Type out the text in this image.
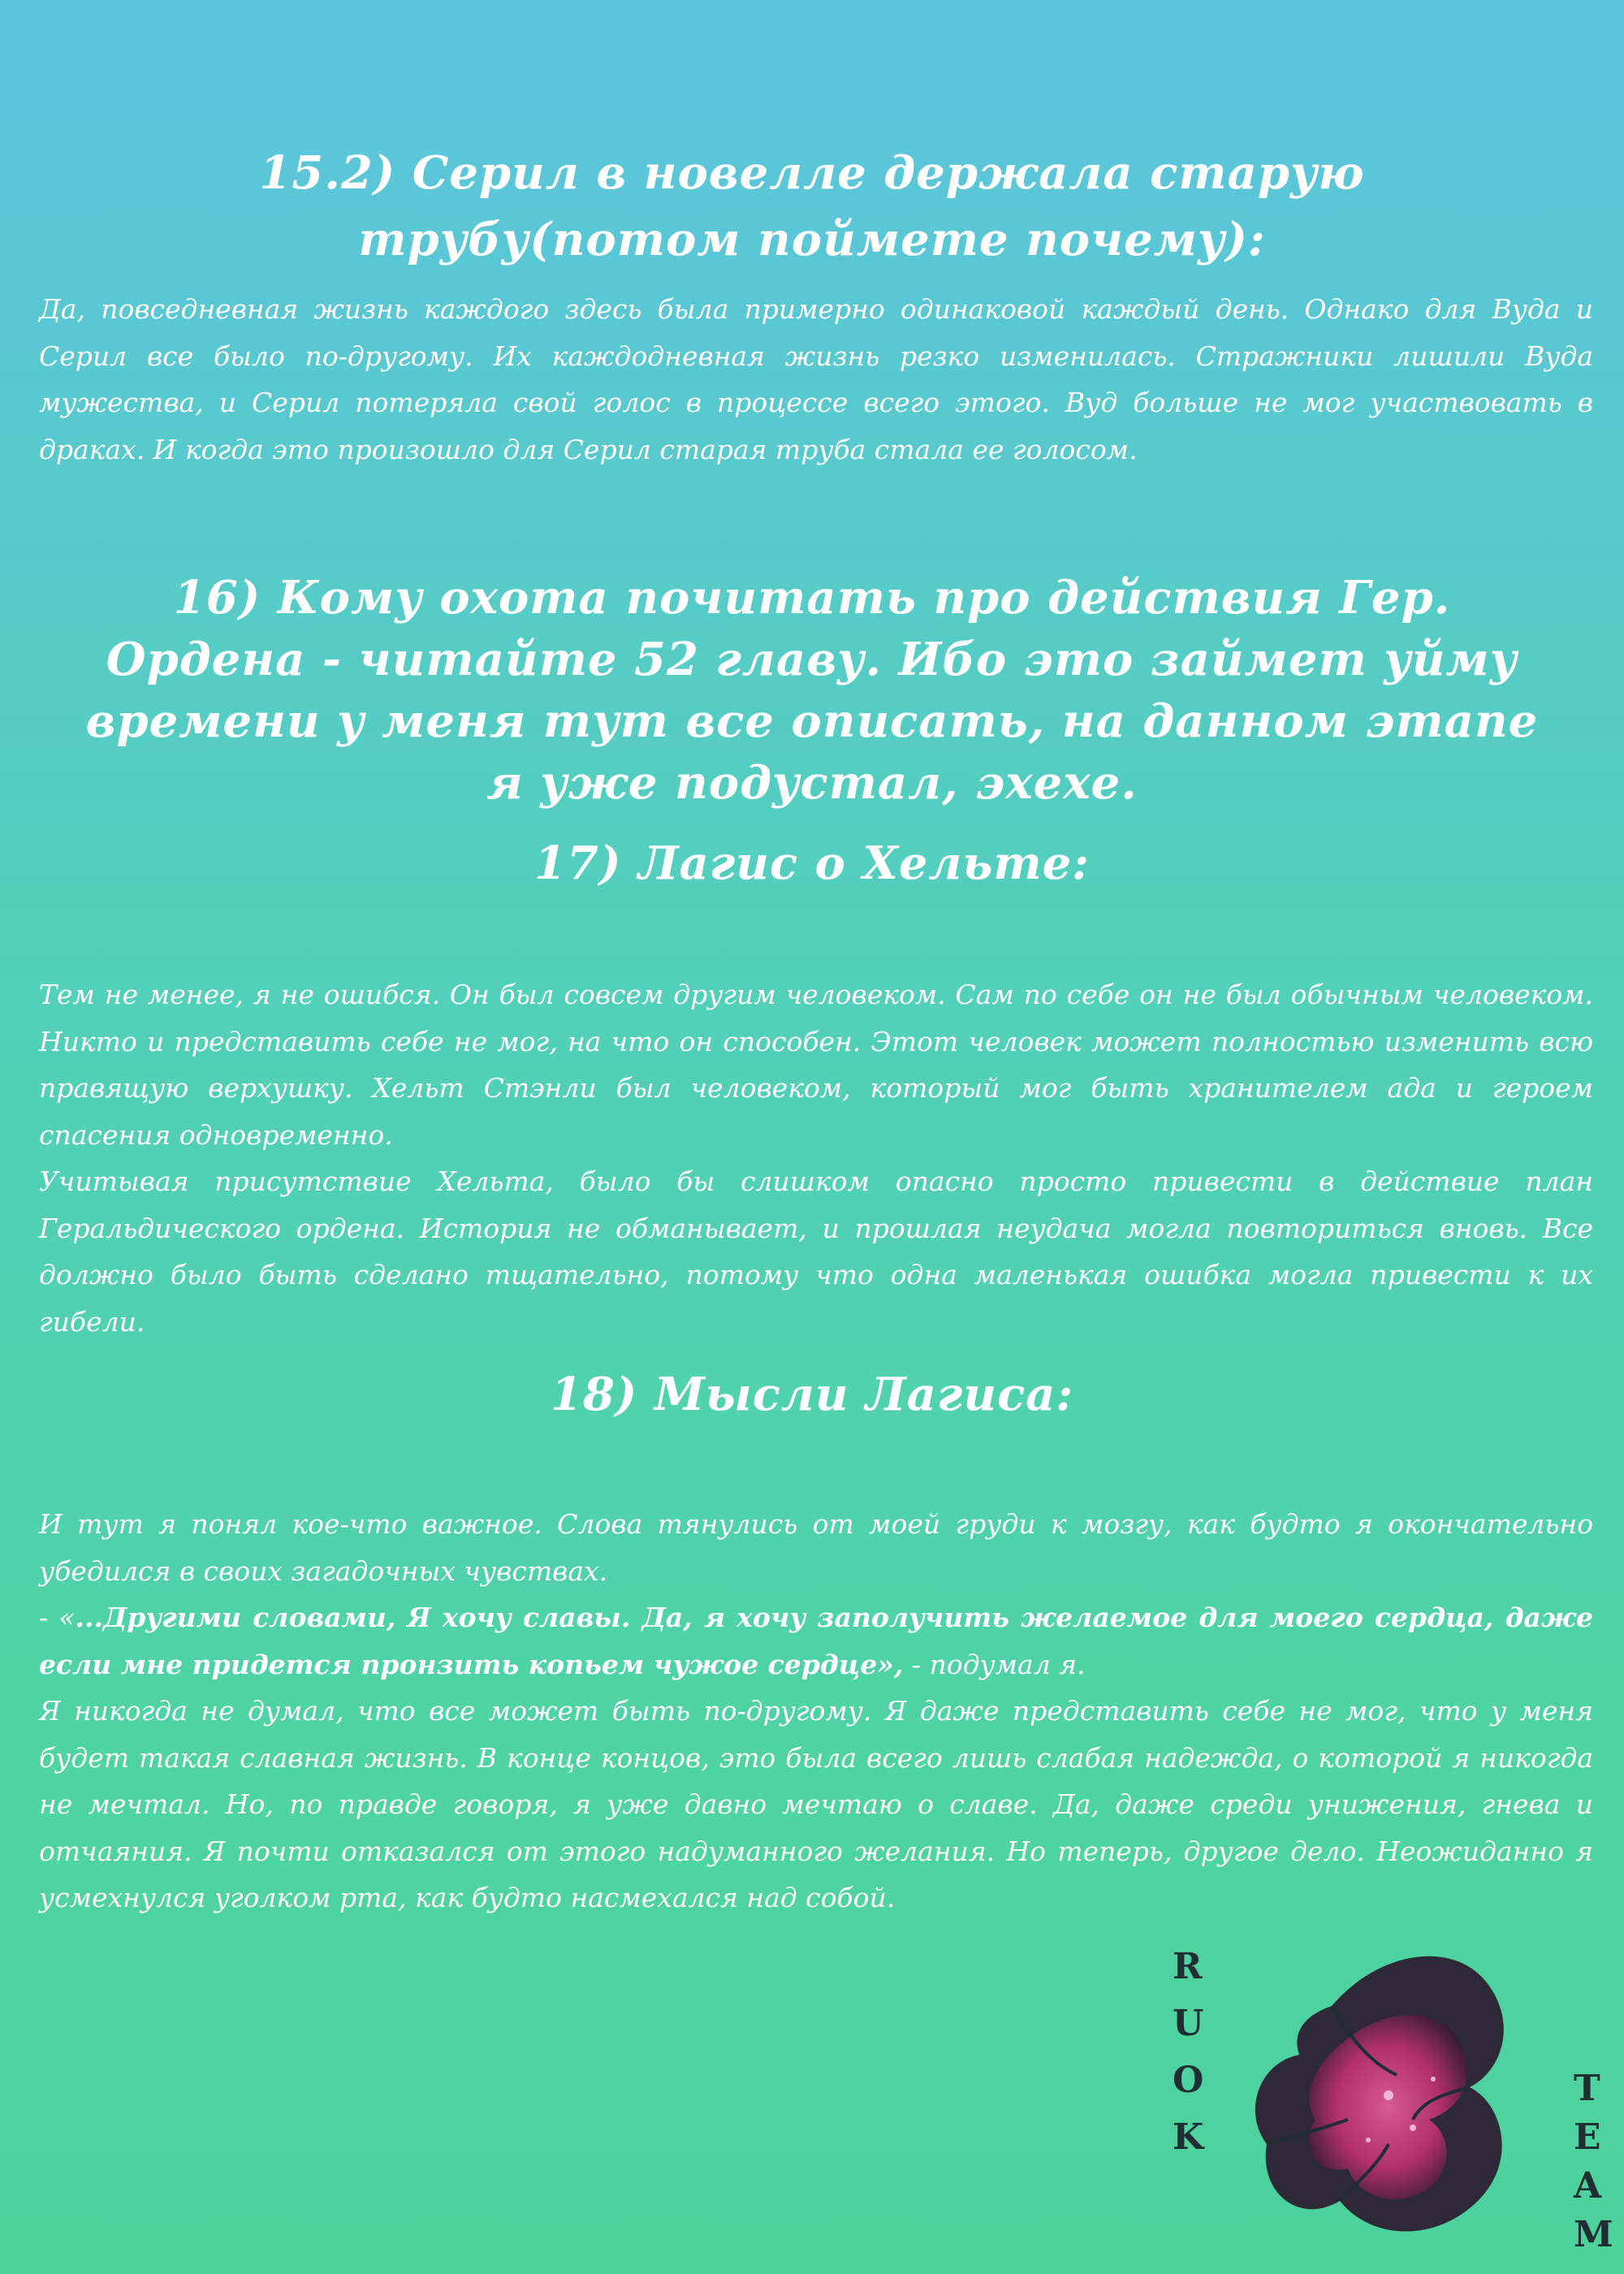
15.2) Серил в новелле держала старую трубу(потом поймете почему):

Да, повседневная жизнь каждого здесь была примерно одинаковой каждый день. Однако для Вуда и Серил все было по-другому. Их каждодневная жизнь резко изменилась. Стражники лишили Вуда мужества, и Серил потеряла свой голос в процессе всего этого. Вуд больше не мог участвовать в драках. И когда это произошло для Серил старая труба стала ее голосом.

16) Кому охота почитать про действия Гер. Ордена - читайте 52 главу. Ибо это займет уйму времени у меня тут все описать, на данном этапе я уже подустал, эхехе.
17) Лагис о Хельте:

Тем не менее, я не ошибся. Он был совсем другим человеком. Сам по себе он не был обычным человеком. Никто и представить себе не мог, на что он способен. Этот человек может полностью изменить всю правящую верхушку. Хельт Стэнли был человеком, который мог быть хранителем ада и героем спасения одновременно.

Учитывая присутствие Хельта, было бы слишком опасно просто привести в действие план Геральдического ордена. История не обманывает, и прошлая неудача могла повториться вновь. Все должно было быть сделано тщательно, потому что одна маленькая ошибка могла привести к их гибели.

18) Мысли Лагиса:

И тут я понял кое-что важное. Слова тянулись от моей груди к мозгу, как будто я окончательно убедился в своих загадочных чувствах.

- «...Другими словами, Я хочу славы. Да, я хочу заполучить желаемое для моего сердца, даже если мне придется пронзить копьем чужое сердце», - подумал я.

Я никогда не думал, что все может быть по-другому. Я даже представить себе не мог, что у меня будет такая славная жизнь. В конце концов, это была всего лишь слабая надежда, о которой я никогда не мечтал. Но, по правде говоря, я уже давно мечтаю о славе. Да, даже среди унижения, гнева и отчаяния. Я почти отказался от этого надуманного желания. Но теперь, другое дело. Неожиданно я усмехнулся уголком рта, как будто насмехался над собой.

R
U
O
K
T
E
A
M
